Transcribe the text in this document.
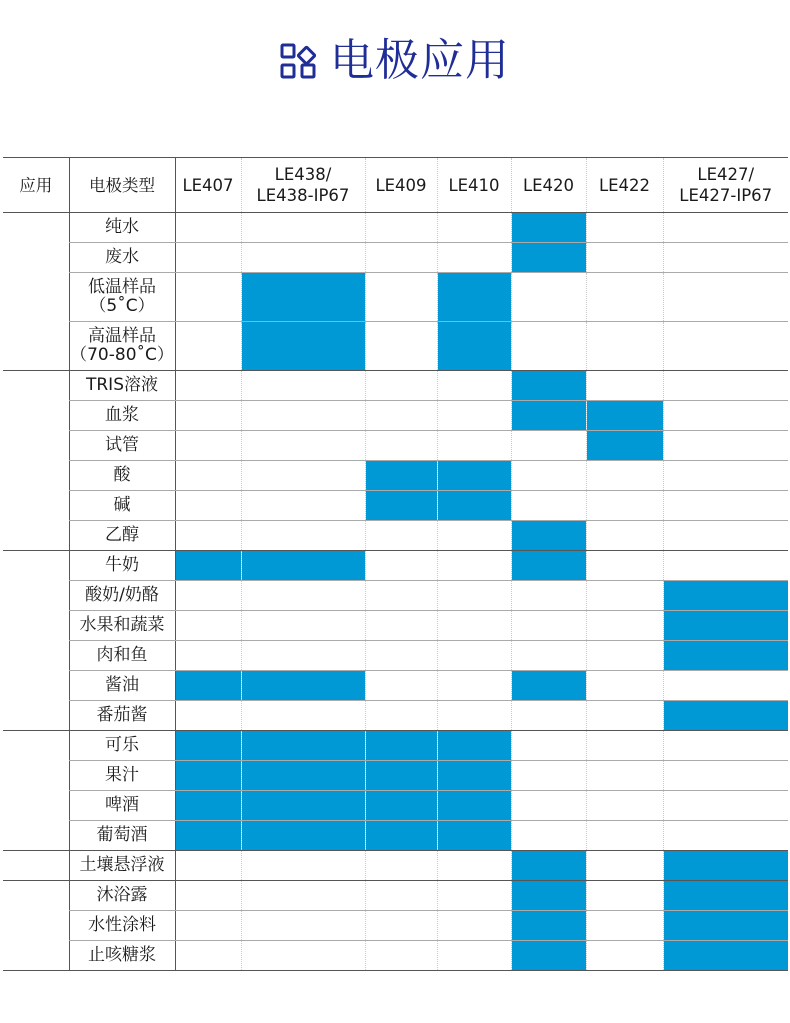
电极应用
应用	电极类型	LE407	LE438/
LE438-IP67	LE409	LE410	LE420	LE422	LE427/
LE427-IP67
	纯水							
	废水							
	低温样品
（5˚C）							
	高温样品
（70-80˚C）							
	TRIS溶液							
	血浆							
	试管							
	酸							
	碱							
	乙醇							
	牛奶							
	酸奶/奶酪							
	水果和蔬菜							
	肉和鱼							
	酱油							
	番茄酱							
	可乐							
	果汁							
	啤酒							
	葡萄酒							
	土壤悬浮液							
	沐浴露							
	水性涂料							
	止咳糖浆							
